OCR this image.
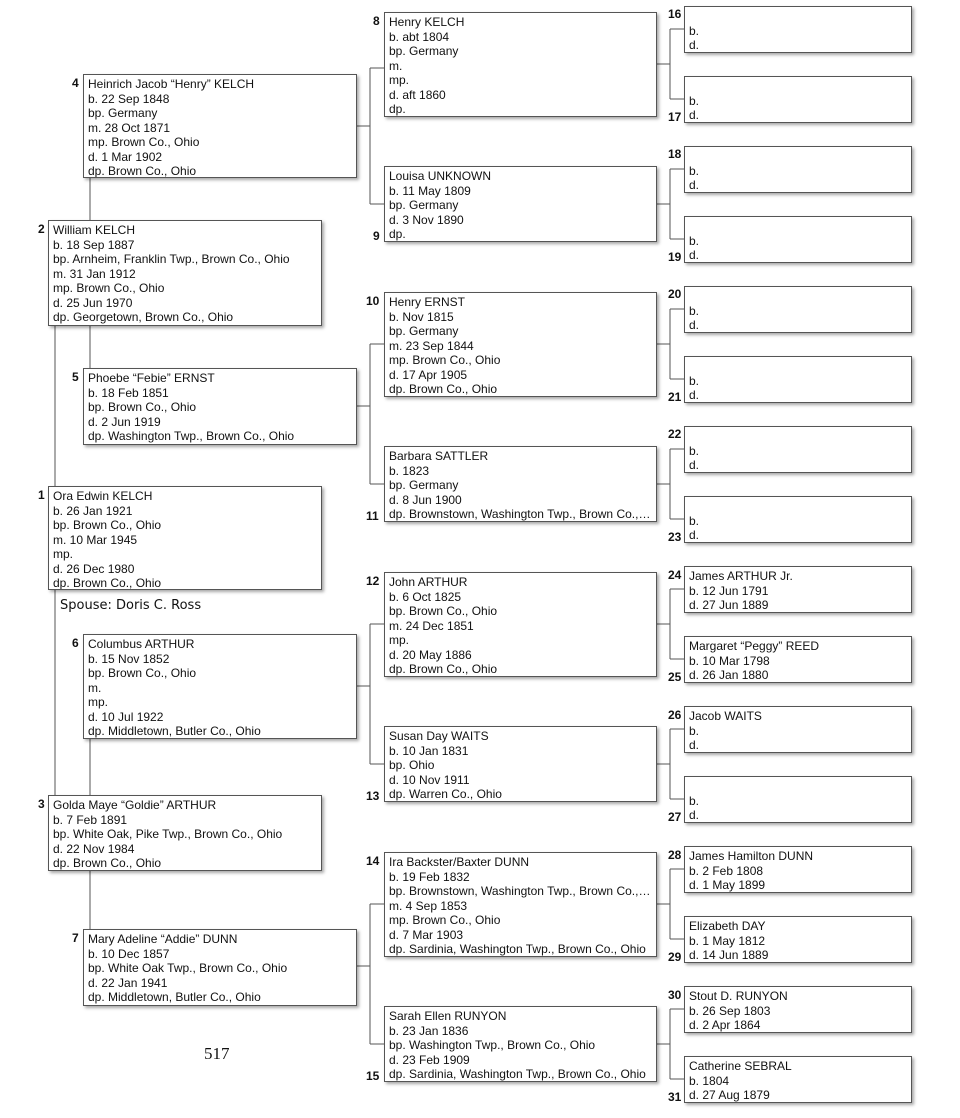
1 Ora Edwin KELCH
b. 26 Jan 1921
bp. Brown Co., Ohio
m. 10 Mar 1945
mp.
d. 26 Dec 1980
dp. Brown Co., Ohio
Spouse: Doris C. Ross
2 William KELCH
b. 18 Sep 1887
bp. Arnheim, Franklin Twp., Brown Co., Ohio
m. 31 Jan 1912
mp. Brown Co., Ohio
d. 25 Jun 1970
dp. Georgetown, Brown Co., Ohio
3 Golda Maye “Goldie” ARTHUR
b. 7 Feb 1891
bp. White Oak, Pike Twp., Brown Co., Ohio
d. 22 Nov 1984
dp. Brown Co., Ohio
4 Heinrich Jacob “Henry” KELCH
b. 22 Sep 1848
bp. Germany
m. 28 Oct 1871
mp. Brown Co., Ohio
d. 1 Mar 1902
dp. Brown Co., Ohio
5 Phoebe “Febie” ERNST
b. 18 Feb 1851
bp. Brown Co., Ohio
d. 2 Jun 1919
dp. Washington Twp., Brown Co., Ohio
6 Columbus ARTHUR
b. 15 Nov 1852
bp. Brown Co., Ohio
m.
mp.
d. 10 Jul 1922
dp. Middletown, Butler Co., Ohio
7 Mary Adeline “Addie” DUNN
b. 10 Dec 1857
bp. White Oak Twp., Brown Co., Ohio
d. 22 Jan 1941
dp. Middletown, Butler Co., Ohio
8 Henry KELCH
b. abt 1804
bp. Germany
m.
mp.
d. aft 1860
dp.
9
Louisa UNKNOWN
b. 11 May 1809
bp. Germany
d. 3 Nov 1890
dp.
10 Henry ERNST
b. Nov 1815
bp. Germany
m. 23 Sep 1844
mp. Brown Co., Ohio
d. 17 Apr 1905
dp. Brown Co., Ohio
11
Barbara SATTLER
b. 1823
bp. Germany
d. 8 Jun 1900
dp. Brownstown, Washington Twp., Brown Co.,…
12 John ARTHUR
b. 6 Oct 1825
bp. Brown Co., Ohio
m. 24 Dec 1851
mp.
d. 20 May 1886
dp. Brown Co., Ohio
13
Susan Day WAITS
b. 10 Jan 1831
bp. Ohio
d. 10 Nov 1911
dp. Warren Co., Ohio
14 Ira Backster/Baxter DUNN
b. 19 Feb 1832
bp. Brownstown, Washington Twp., Brown Co.,…
m. 4 Sep 1853
mp. Brown Co., Ohio
d. 7 Mar 1903
dp. Sardinia, Washington Twp., Brown Co., Ohio
15
Sarah Ellen RUNYON
b. 23 Jan 1836
bp. Washington Twp., Brown Co., Ohio
d. 23 Feb 1909
dp. Sardinia, Washington Twp., Brown Co., Ohio
16
b.
d.
17
b.
d.
18
b.
d.
19
b.
d.
20
b.
d.
21
b.
d.
22
b.
d.
23
b.
d.
24 James ARTHUR Jr.
b. 12 Jun 1791
d. 27 Jun 1889
25
Margaret “Peggy” REED
b. 10 Mar 1798
d. 26 Jan 1880
26 Jacob WAITS
b.
d.
27
b.
d.
28 James Hamilton DUNN
b. 2 Feb 1808
d. 1 May 1899
29
Elizabeth DAY
b. 1 May 1812
d. 14 Jun 1889
30 Stout D. RUNYON
b. 26 Sep 1803
d. 2 Apr 1864
31
Catherine SEBRAL
b. 1804
d. 27 Aug 1879
517
